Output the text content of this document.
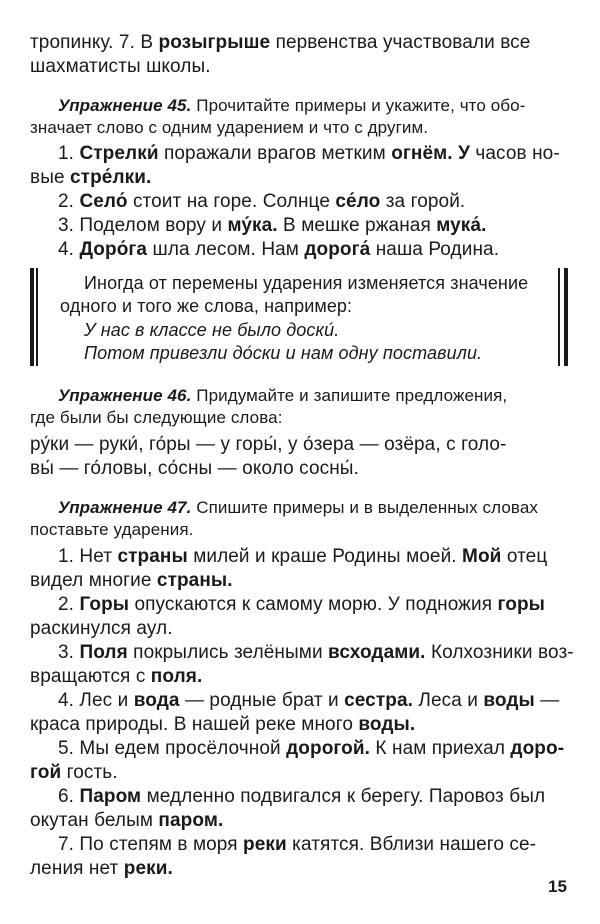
тропинку. 7. В розыгрыше первенства участвовали все
шахматисты школы.
Упражнение 45. Прочитайте примеры и укажите, что обо-
значает слово с одним ударением и что с другим.
1. Стрелки́ поражали врагов метким огнём. У часов но-
вые стре́лки.
2. Село́ стоит на горе. Солнце се́ло за горой.
3. Поделом вору и му́ка. В мешке ржаная мука́.
4. Доро́га шла лесом. Нам дорога́ наша Родина.
Иногда от перемены ударения изменяется значение
одного и того же слова, например:
У нас в классе не было доски́.
Потом привезли до́ски и нам одну поставили.
Упражнение 46. Придумайте и запишите предложения,
где были бы следующие слова:
ру́ки — руки́, го́ры — у горы́, у о́зера — озёра, с голо-
вы́ — го́ловы, со́сны — около сосны́.
Упражнение 47. Спишите примеры и в выделенных словах
поставьте ударения.
1. Нет страны милей и краше Родины моей. Мой отец
видел многие страны.
2. Горы опускаются к самому морю. У подножия горы
раскинулся аул.
3. Поля покрылись зелёными всходами. Колхозники воз-
вращаются с поля.
4. Лес и вода — родные брат и сестра. Леса и воды —
краса природы. В нашей реке много воды.
5. Мы едем просёлочной дорогой. К нам приехал доро-
гой гость.
6. Паром медленно подвигался к берегу. Паровоз был
окутан белым паром.
7. По степям в моря реки катятся. Вблизи нашего се-
ления нет реки.
15
